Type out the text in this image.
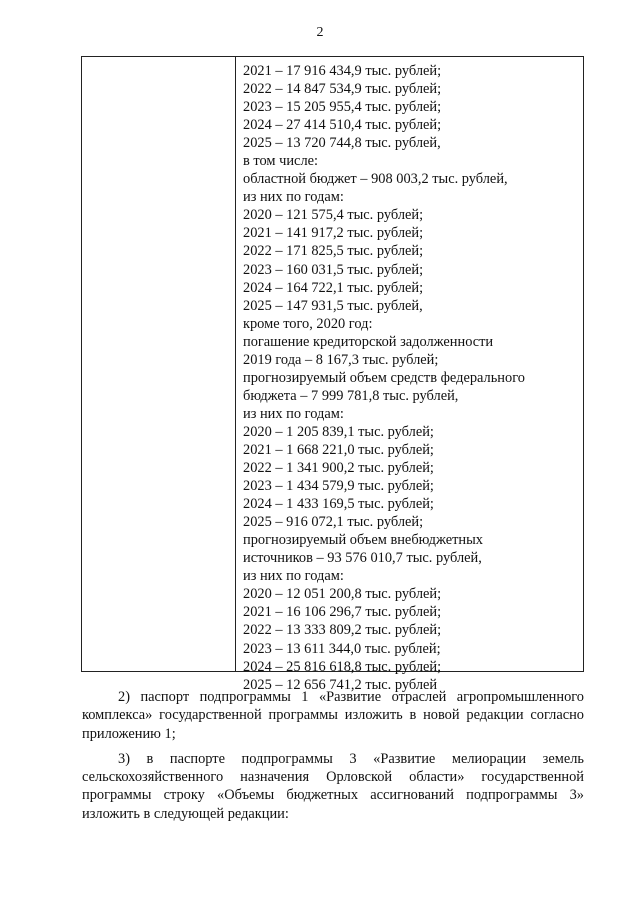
2
2021 – 17 916 434,9 тыс. рублей;
2022 – 14 847 534,9 тыс. рублей;
2023 – 15 205 955,4 тыс. рублей;
2024 – 27 414 510,4 тыс. рублей;
2025 – 13 720 744,8 тыс. рублей,
в том числе:
областной бюджет – 908 003,2 тыс. рублей,
из них по годам:
2020 – 121 575,4 тыс. рублей;
2021 – 141 917,2 тыс. рублей;
2022 – 171 825,5 тыс. рублей;
2023 – 160 031,5 тыс. рублей;
2024 – 164 722,1 тыс. рублей;
2025 – 147 931,5 тыс. рублей,
кроме того, 2020 год:
погашение кредиторской задолженности
2019 года – 8 167,3 тыс. рублей;
прогнозируемый объем средств федерального
бюджета – 7 999 781,8 тыс. рублей,
из них по годам:
2020 – 1 205 839,1 тыс. рублей;
2021 – 1 668 221,0 тыс. рублей;
2022 – 1 341 900,2 тыс. рублей;
2023 – 1 434 579,9 тыс. рублей;
2024 – 1 433 169,5 тыс. рублей;
2025 – 916 072,1 тыс. рублей;
прогнозируемый объем внебюджетных
источников – 93 576 010,7 тыс. рублей,
из них по годам:
2020 – 12 051 200,8 тыс. рублей;
2021 – 16 106 296,7 тыс. рублей;
2022 – 13 333 809,2 тыс. рублей;
2023 – 13 611 344,0 тыс. рублей;
2024 – 25 816 618,8 тыс. рублей;
2025 – 12 656 741,2 тыс. рублей

2) паспорт подпрограммы 1 «Развитие отраслей агропромышленного комплекса» государственной программы изложить в новой редакции согласно приложению 1;

3) в паспорте подпрограммы 3 «Развитие мелиорации земель сельскохозяйственного назначения Орловской области» государственной программы строку «Объемы бюджетных ассигнований подпрограммы 3» изложить в следующей редакции:
